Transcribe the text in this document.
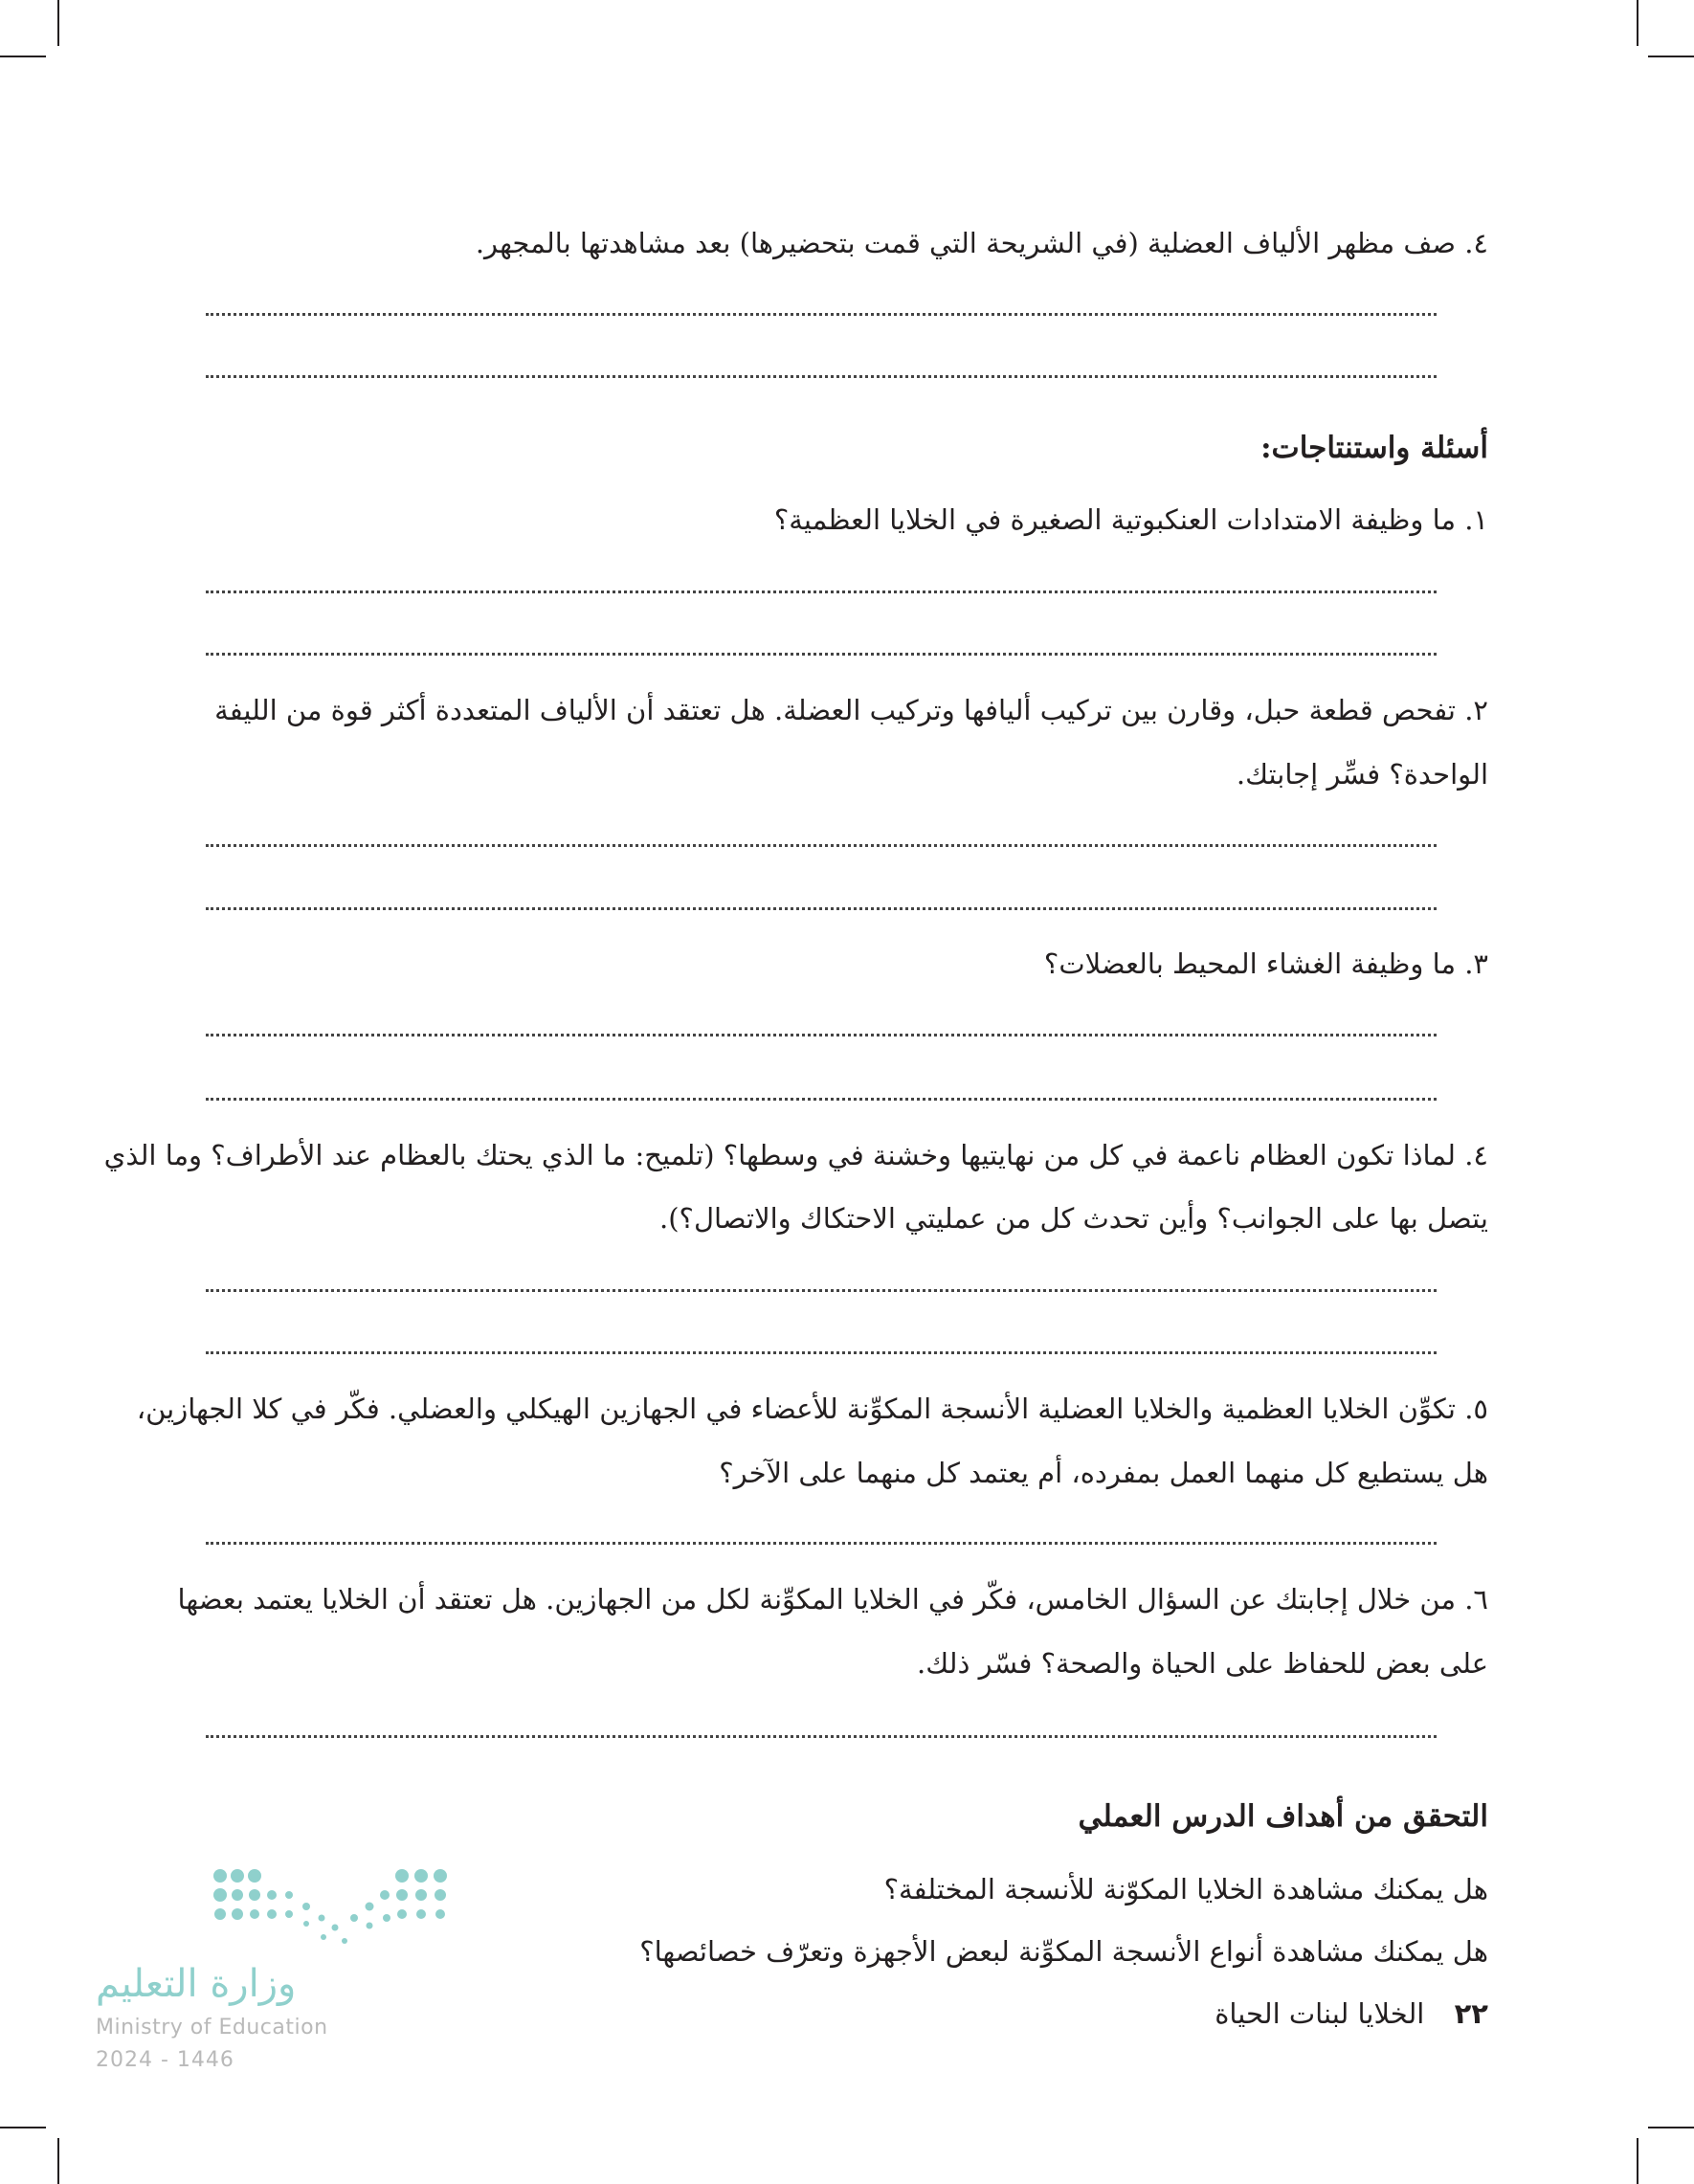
٤. صف مظهر الألياف العضلية (في الشريحة التي قمت بتحضيرها) بعد مشاهدتها بالمجهر.
أسئلة واستنتاجات:
١. ما وظيفة الامتدادات العنكبوتية الصغيرة في الخلايا العظمية؟
٢. تفحص قطعة حبل، وقارن بين تركيب أليافها وتركيب العضلة. هل تعتقد أن الألياف المتعددة أكثر قوة من الليفة
الواحدة؟ فسِّر إجابتك.
٣. ما وظيفة الغشاء المحيط بالعضلات؟
٤. لماذا تكون العظام ناعمة في كل من نهايتيها وخشنة في وسطها؟ (تلميح: ما الذي يحتك بالعظام عند الأطراف؟ وما الذي
يتصل بها على الجوانب؟ وأين تحدث كل من عمليتي الاحتكاك والاتصال؟).
٥. تكوِّن الخلايا العظمية والخلايا العضلية الأنسجة المكوِّنة للأعضاء في الجهازين الهيكلي والعضلي. فكّر في كلا الجهازين،
هل يستطيع كل منهما العمل بمفرده، أم يعتمد كل منهما على الآخر؟
٦. من خلال إجابتك عن السؤال الخامس، فكّر في الخلايا المكوِّنة لكل من الجهازين. هل تعتقد أن الخلايا يعتمد بعضها
على بعض للحفاظ على الحياة والصحة؟ فسّر ذلك.
التحقق من أهداف الدرس العملي
هل يمكنك مشاهدة الخلايا المكوّنة للأنسجة المختلفة؟
هل يمكنك مشاهدة أنواع الأنسجة المكوِّنة لبعض الأجهزة وتعرّف خصائصها؟
٢٢ الخلايا لبنات الحياة
وزارة التعليم
Ministry of Education
2024 - 1446
